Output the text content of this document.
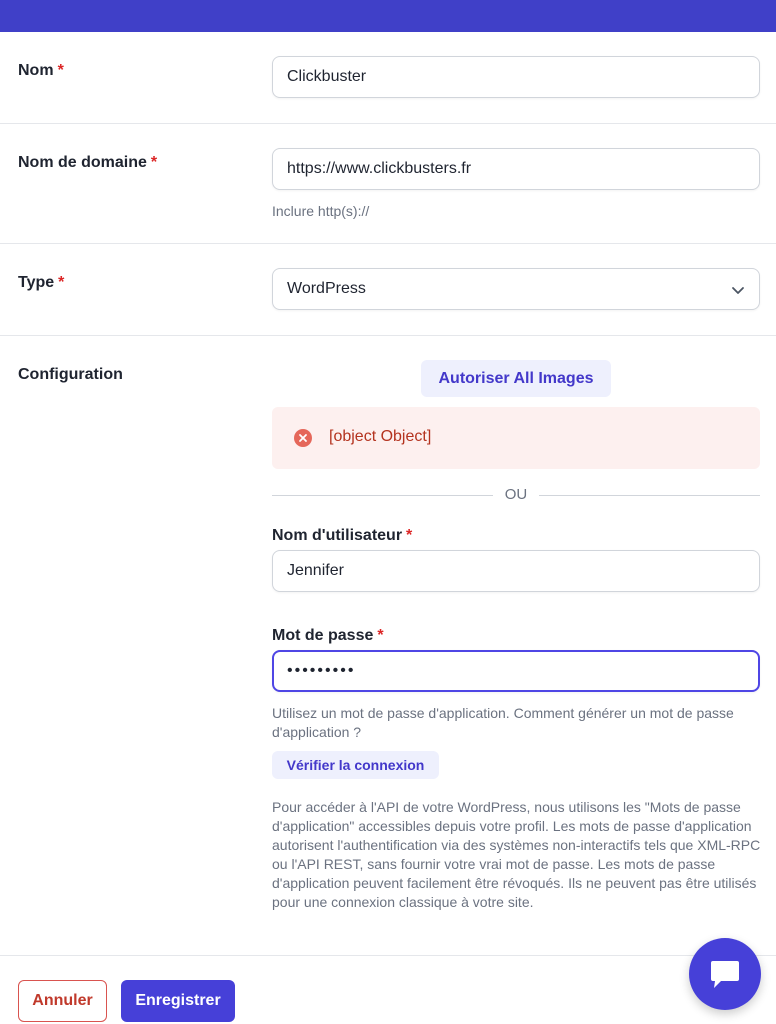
Nom *	Clickbuster
Nom de domaine *	https://www.clickbusters.fr
Inclure http(s)://
Type *	WordPress
Configuration	Autoriser All Images
[object Object]
OU
Nom d'utilisateur *
Jennifer
Mot de passe *
•••••••••
Utilisez un mot de passe d'application. Comment générer un mot de passe d'application ?
Vérifier la connexion
Pour accéder à l'API de votre WordPress, nous utilisons les "Mots de passe d'application" accessibles depuis votre profil. Les mots de passe d'application autorisent l'authentification via des systèmes non-interactifs tels que XML-RPC ou l'API REST, sans fournir votre vrai mot de passe. Les mots de passe d'application peuvent facilement être révoqués. Ils ne peuvent pas être utilisés pour une connexion classique à votre site.
Annuler	Enregistrer
